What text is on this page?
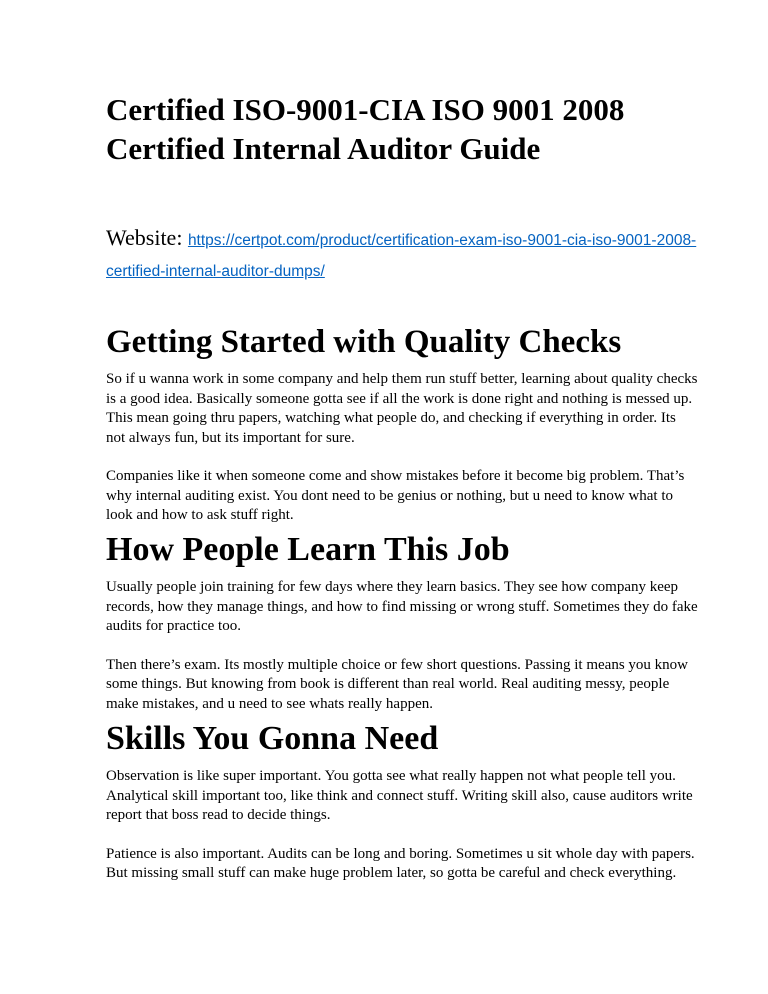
Certified ISO-9001-CIA ISO 9001 2008 Certified Internal Auditor Guide
Website: https://certpot.com/product/certification-exam-iso-9001-cia-iso-9001-2008-certified-internal-auditor-dumps/
Getting Started with Quality Checks

So if u wanna work in some company and help them run stuff better, learning about quality checks is a good idea. Basically someone gotta see if all the work is done right and nothing is messed up. This mean going thru papers, watching what people do, and checking if everything in order. Its not always fun, but its important for sure.

Companies like it when someone come and show mistakes before it become big problem. That’s why internal auditing exist. You dont need to be genius or nothing, but u need to know what to look and how to ask stuff right.

How People Learn This Job

Usually people join training for few days where they learn basics. They see how company keep records, how they manage things, and how to find missing or wrong stuff. Sometimes they do fake audits for practice too.

Then there’s exam. Its mostly multiple choice or few short questions. Passing it means you know some things. But knowing from book is different than real world. Real auditing messy, people make mistakes, and u need to see whats really happen.

Skills You Gonna Need

Observation is like super important. You gotta see what really happen not what people tell you. Analytical skill important too, like think and connect stuff. Writing skill also, cause auditors write report that boss read to decide things.

Patience is also important. Audits can be long and boring. Sometimes u sit whole day with papers. But missing small stuff can make huge problem later, so gotta be careful and check everything.
